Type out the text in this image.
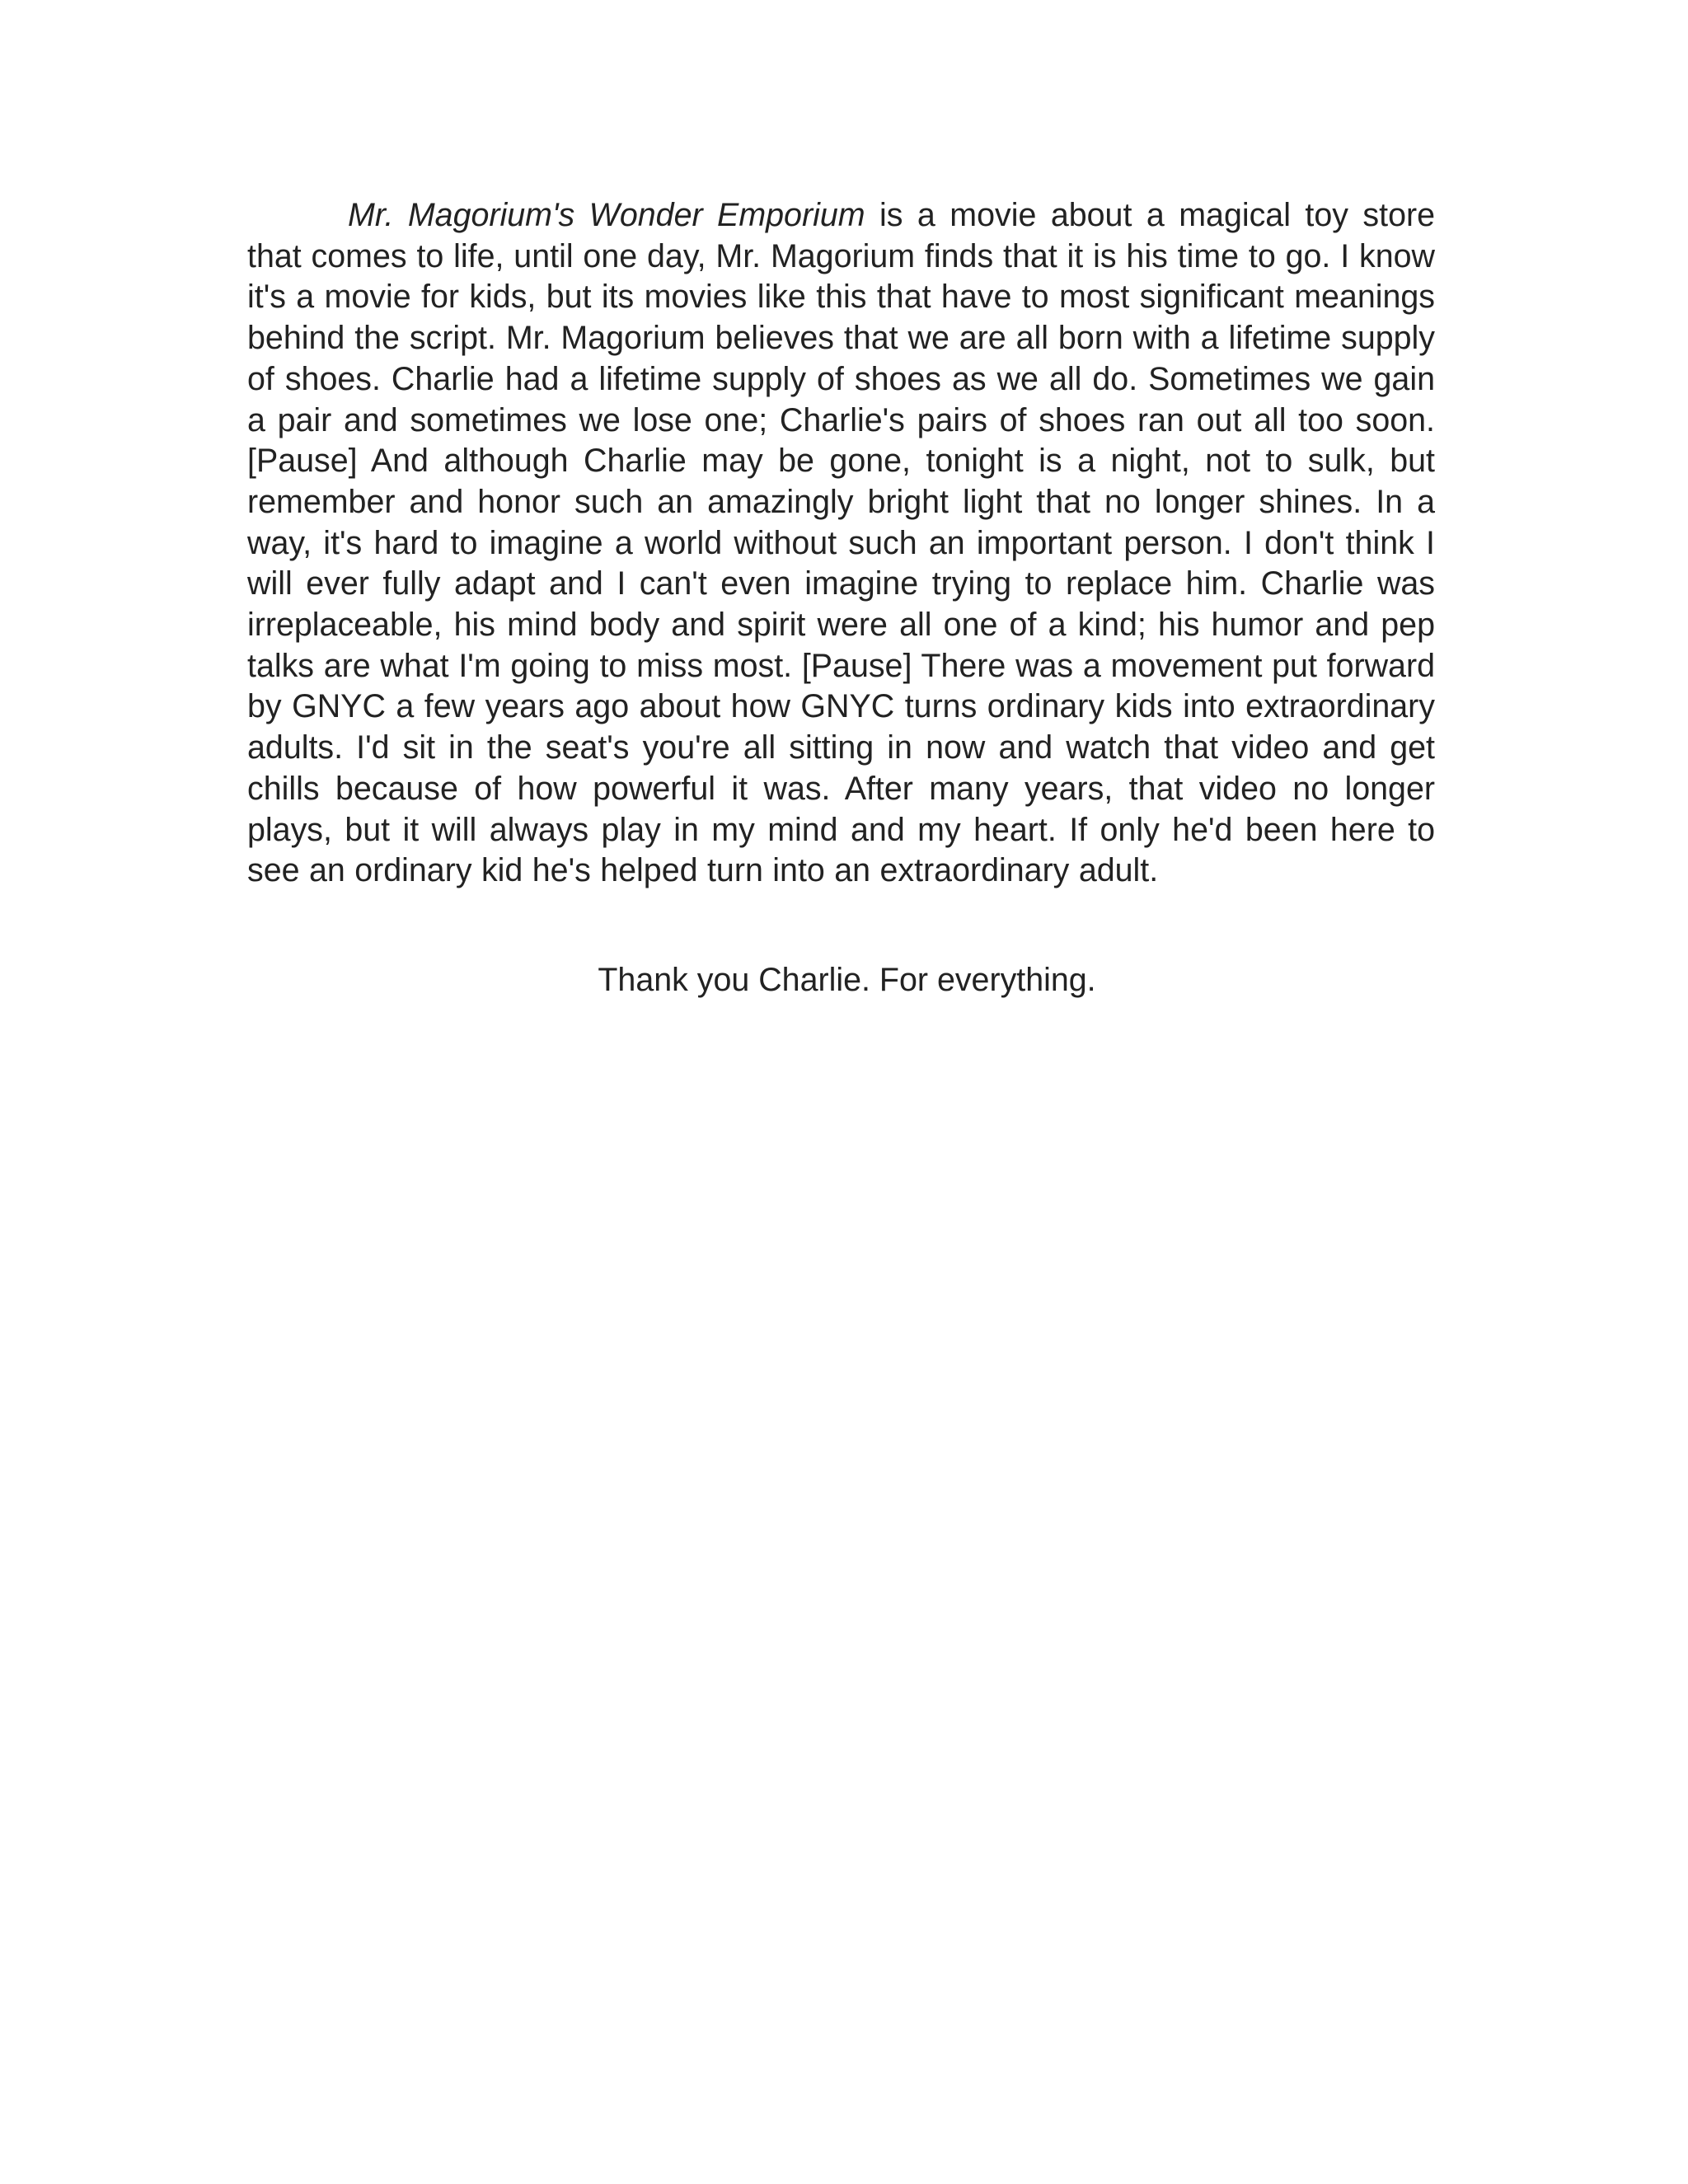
Mr. Magorium's Wonder Emporium is a movie about a magical toy store that comes to life, until one day, Mr. Magorium finds that it is his time to go. I know it's a movie for kids, but its movies like this that have to most significant meanings behind the script. Mr. Magorium believes that we are all born with a lifetime supply of shoes. Charlie had a lifetime supply of shoes as we all do. Sometimes we gain a pair and sometimes we lose one; Charlie's pairs of shoes ran out all too soon. [Pause] And although Charlie may be gone, tonight is a night, not to sulk, but remember and honor such an amazingly bright light that no longer shines. In a way, it's hard to imagine a world without such an important person. I don't think I will ever fully adapt and I can't even imagine trying to replace him. Charlie was irreplaceable, his mind body and spirit were all one of a kind; his humor and pep talks are what I'm going to miss most. [Pause] There was a movement put forward by GNYC a few years ago about how GNYC turns ordinary kids into extraordinary adults. I'd sit in the seat's you're all sitting in now and watch that video and get chills because of how powerful it was. After many years, that video no longer plays, but it will always play in my mind and my heart. If only he'd been here to see an ordinary kid he's helped turn into an extraordinary adult.

Thank you Charlie. For everything.
